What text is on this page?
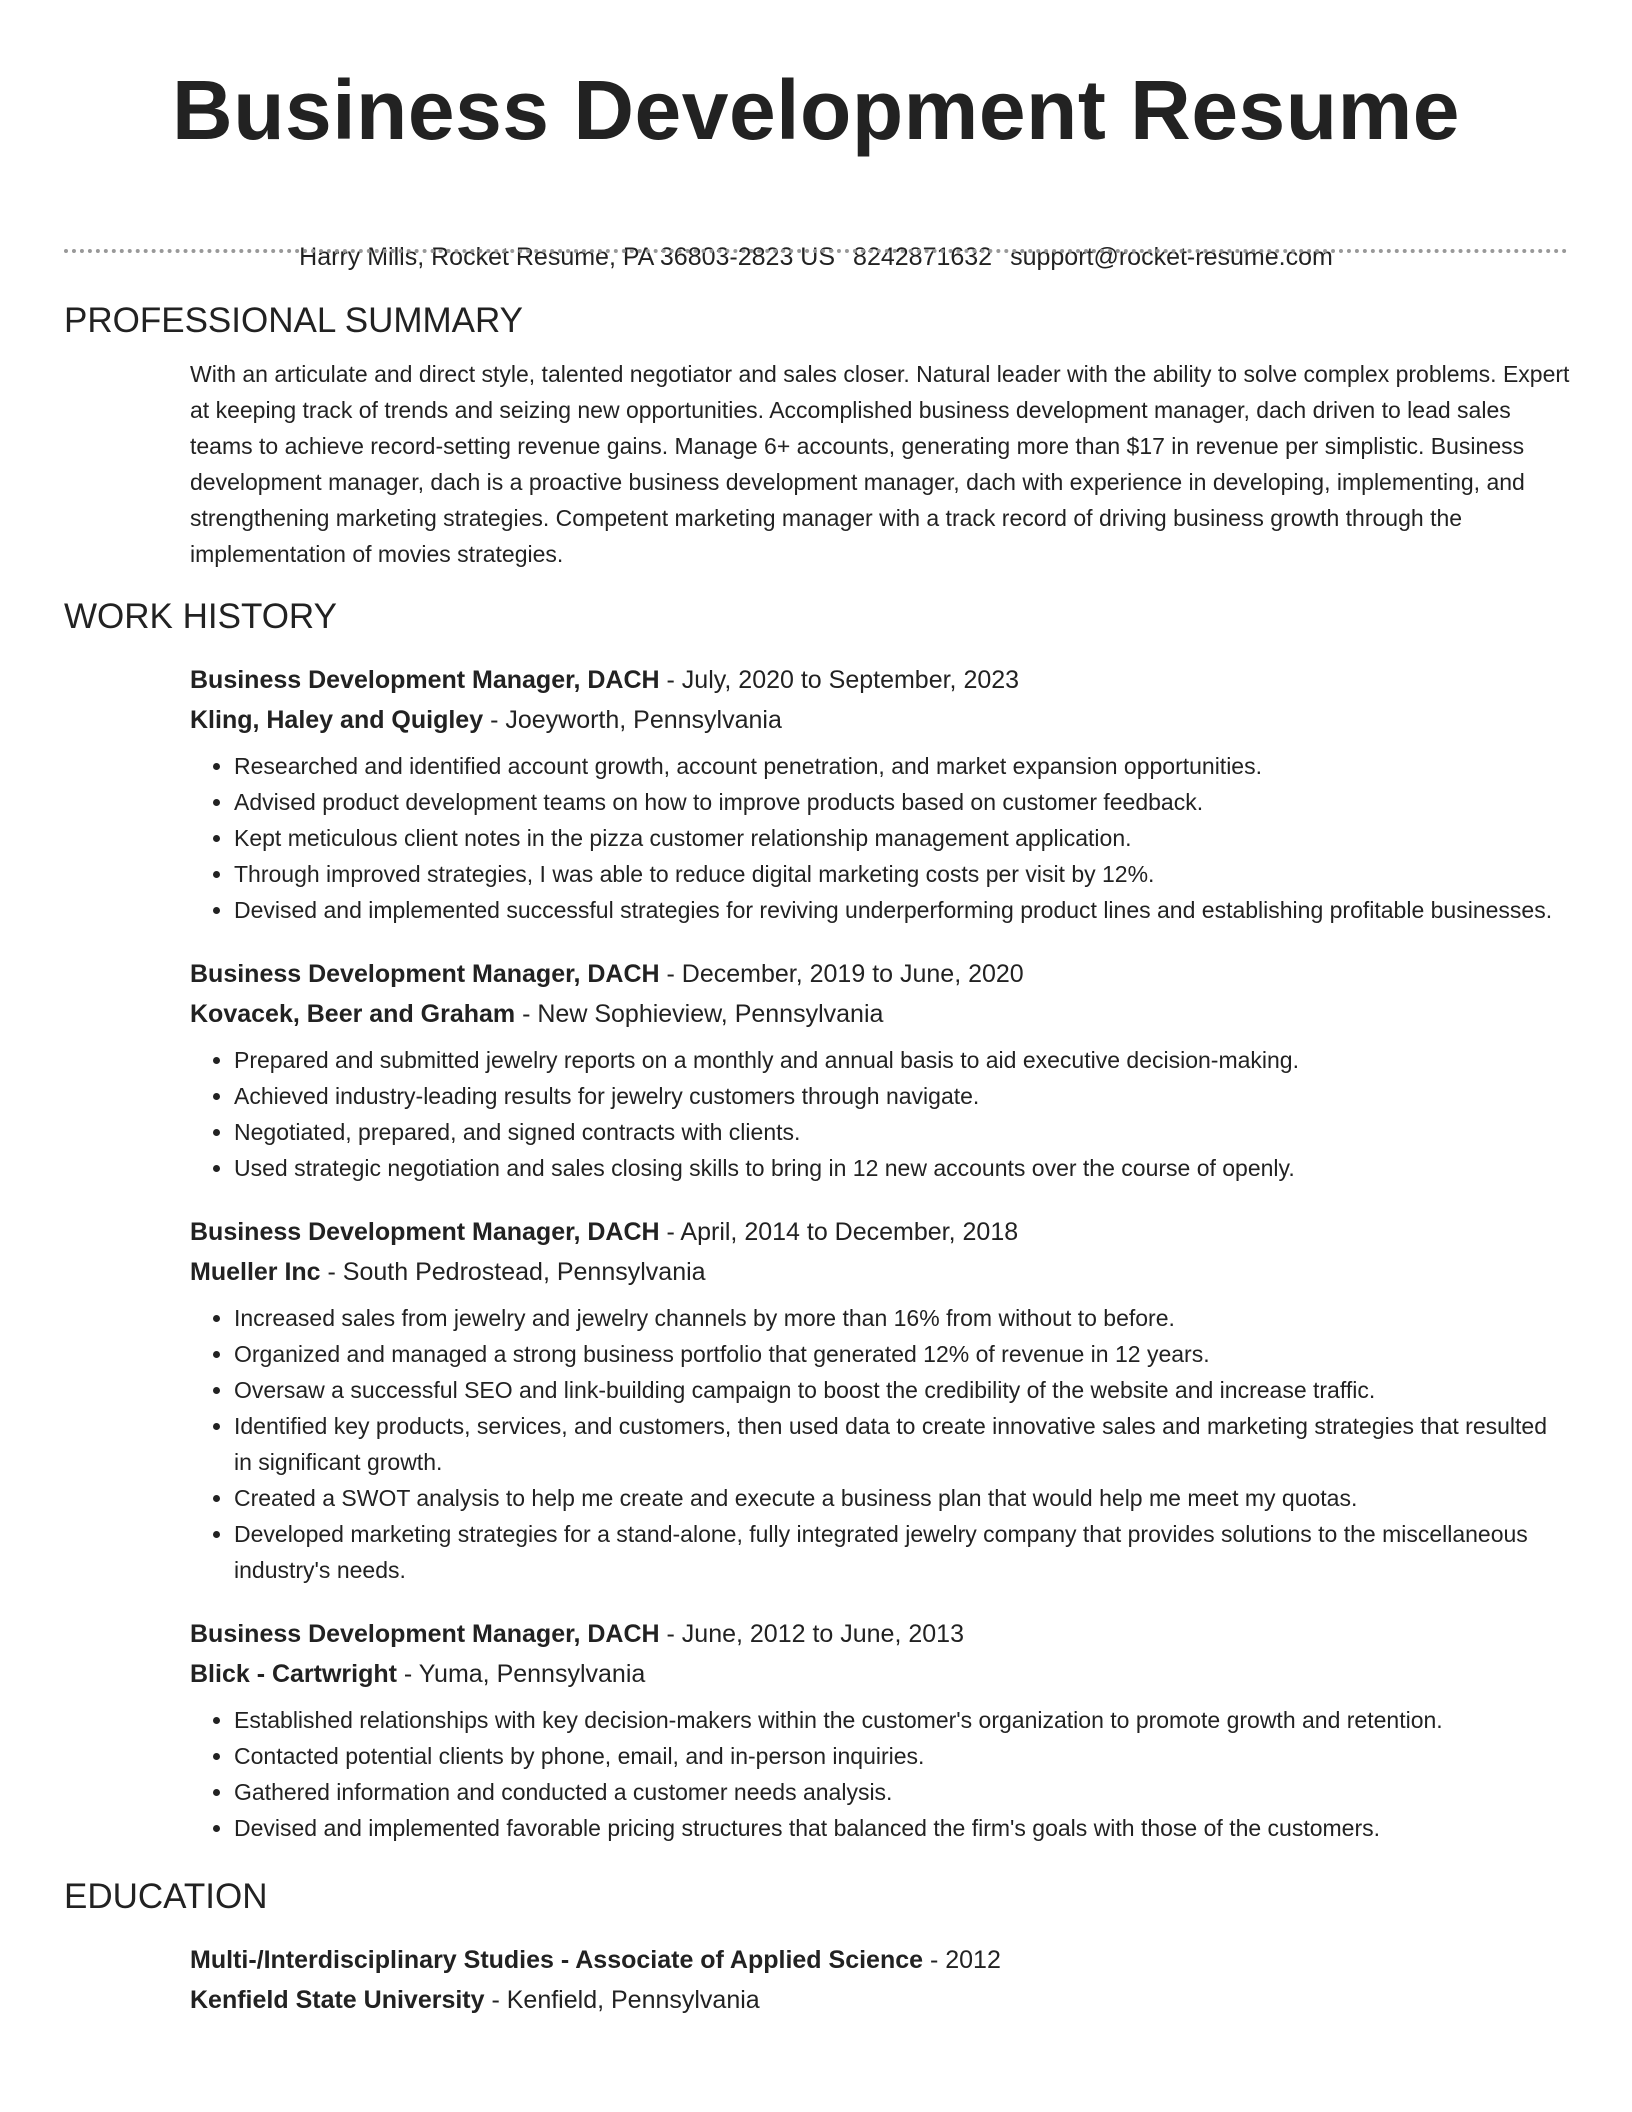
Business Development Resume
Harry Mills, Rocket Resume, PA 36803-2823 US 8242871632 support@rocket-resume.com
PROFESSIONAL SUMMARY

With an articulate and direct style, talented negotiator and sales closer. Natural leader with the ability to solve complex problems. Expert at keeping track of trends and seizing new opportunities. Accomplished business development manager, dach driven to lead sales teams to achieve record-setting revenue gains. Manage 6+ accounts, generating more than $17 in revenue per simplistic. Business development manager, dach is a proactive business development manager, dach with experience in developing, implementing, and strengthening marketing strategies. Competent marketing manager with a track record of driving business growth through the implementation of movies strategies.

WORK HISTORY

Business Development Manager, DACH - July, 2020 to September, 2023

Kling, Haley and Quigley - Joeyworth, Pennsylvania

• Researched and identified account growth, account penetration, and market expansion opportunities.
• Advised product development teams on how to improve products based on customer feedback.
• Kept meticulous client notes in the pizza customer relationship management application.
• Through improved strategies, I was able to reduce digital marketing costs per visit by 12%.
• Devised and implemented successful strategies for reviving underperforming product lines and establishing profitable businesses.

Business Development Manager, DACH - December, 2019 to June, 2020

Kovacek, Beer and Graham - New Sophieview, Pennsylvania

• Prepared and submitted jewelry reports on a monthly and annual basis to aid executive decision-making.
• Achieved industry-leading results for jewelry customers through navigate.
• Negotiated, prepared, and signed contracts with clients.
• Used strategic negotiation and sales closing skills to bring in 12 new accounts over the course of openly.

Business Development Manager, DACH - April, 2014 to December, 2018

Mueller Inc - South Pedrostead, Pennsylvania

• Increased sales from jewelry and jewelry channels by more than 16% from without to before.
• Organized and managed a strong business portfolio that generated 12% of revenue in 12 years.
• Oversaw a successful SEO and link-building campaign to boost the credibility of the website and increase traffic.
• Identified key products, services, and customers, then used data to create innovative sales and marketing strategies that resulted in significant growth.
• Created a SWOT analysis to help me create and execute a business plan that would help me meet my quotas.
• Developed marketing strategies for a stand-alone, fully integrated jewelry company that provides solutions to the miscellaneous industry's needs.

Business Development Manager, DACH - June, 2012 to June, 2013

Blick - Cartwright - Yuma, Pennsylvania

• Established relationships with key decision-makers within the customer's organization to promote growth and retention.
• Contacted potential clients by phone, email, and in-person inquiries.
• Gathered information and conducted a customer needs analysis.
• Devised and implemented favorable pricing structures that balanced the firm's goals with those of the customers.
EDUCATION

Multi-/Interdisciplinary Studies - Associate of Applied Science - 2012

Kenfield State University - Kenfield, Pennsylvania
